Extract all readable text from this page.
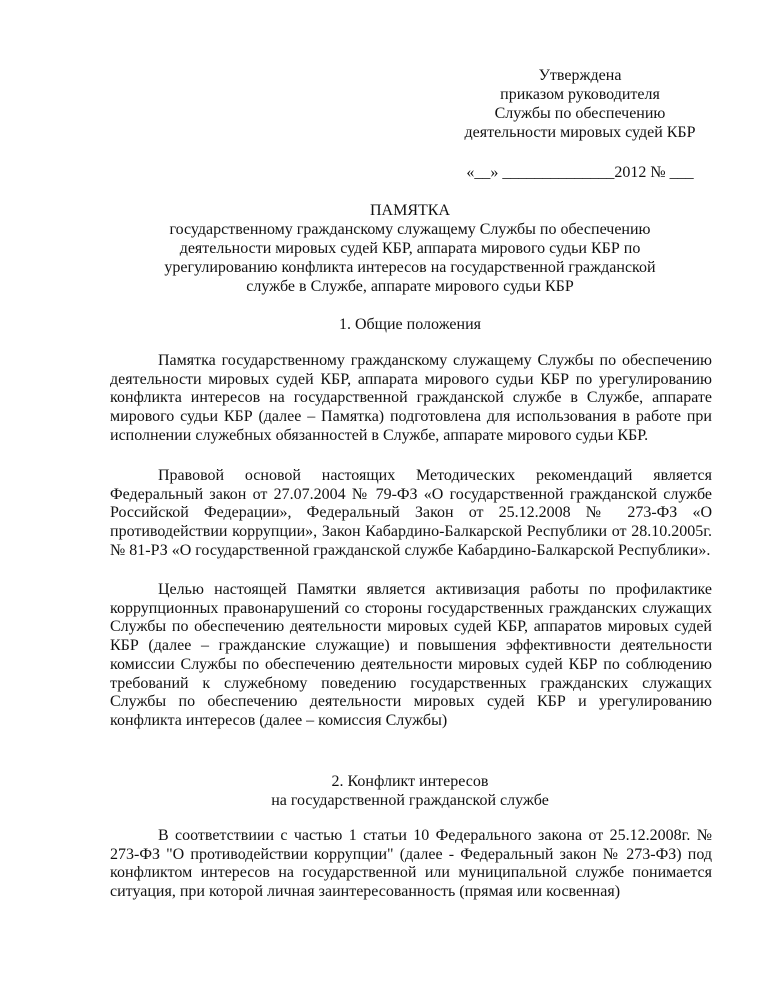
Утверждена
приказом руководителя
Службы по обеспечению
деятельности мировых судей КБР
«__» ______________2012 № ___
ПАМЯТКА
государственному гражданскому служащему Службы по обеспечению
деятельности мировых судей КБР, аппарата мирового судьи КБР по
урегулированию конфликта интересов на государственной гражданской
службе в Службе, аппарате мирового судьи КБР
1. Общие положения

Памятка государственному гражданскому служащему Службы по обеспечению деятельности мировых судей КБР, аппарата мирового судьи КБР по урегулированию конфликта интересов на государственной гражданской службе в Службе, аппарате мирового судьи КБР (далее – Памятка) подготовлена для использования в работе при исполнении служебных обязанностей в Службе, аппарате мирового судьи КБР.

Правовой основой настоящих Методических рекомендаций является Федеральный закон от 27.07.2004 № 79-ФЗ «О государственной гражданской службе Российской Федерации», Федеральный Закон от 25.12.2008 № 273-ФЗ «О противодействии коррупции», Закон Кабардино-Балкарской Республики от 28.10.2005г. № 81-РЗ «О государственной гражданской службе Кабардино-Балкарской Республики».

Целью настоящей Памятки является активизация работы по профилактике коррупционных правонарушений со стороны государственных гражданских служащих Службы по обеспечению деятельности мировых судей КБР, аппаратов мировых судей КБР (далее – гражданские служащие) и повышения эффективности деятельности комиссии Службы по обеспечению деятельности мировых судей КБР по соблюдению требований к служебному поведению государственных гражданских служащих Службы по обеспечению деятельности мировых судей КБР и урегулированию конфликта интересов (далее – комиссия Службы)

2. Конфликт интересов
на государственной гражданской службе

В соответствиии с частью 1 статьи 10 Федерального закона от 25.12.2008г. № 273-ФЗ "О противодействии коррупции" (далее - Федеральный закон № 273-ФЗ) под конфликтом интересов на государственной или муниципальной службе понимается ситуация, при которой личная заинтересованность (прямая или косвенная)
